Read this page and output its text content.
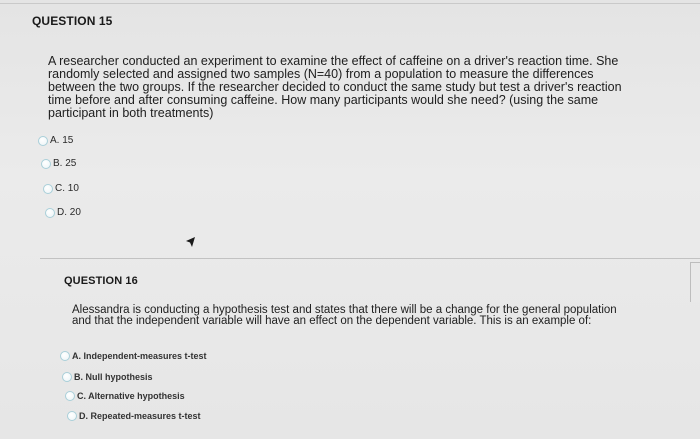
QUESTION 15
A researcher conducted an experiment to examine the effect of caffeine on a driver's reaction time. She
randomly selected and assigned two samples (N=40) from a population to measure the differences
between the two groups. If the researcher decided to conduct the same study but test a driver's reaction
time before and after consuming caffeine. How many participants would she need? (using the same
participant in both treatments)
A. 15
B. 25
C. 10
D. 20
QUESTION 16
Alessandra is conducting a hypothesis test and states that there will be a change for the general population
and that the independent variable will have an effect on the dependent variable. This is an example of:
A. Independent-measures t-test
B. Null hypothesis
C. Alternative hypothesis
D. Repeated-measures t-test
